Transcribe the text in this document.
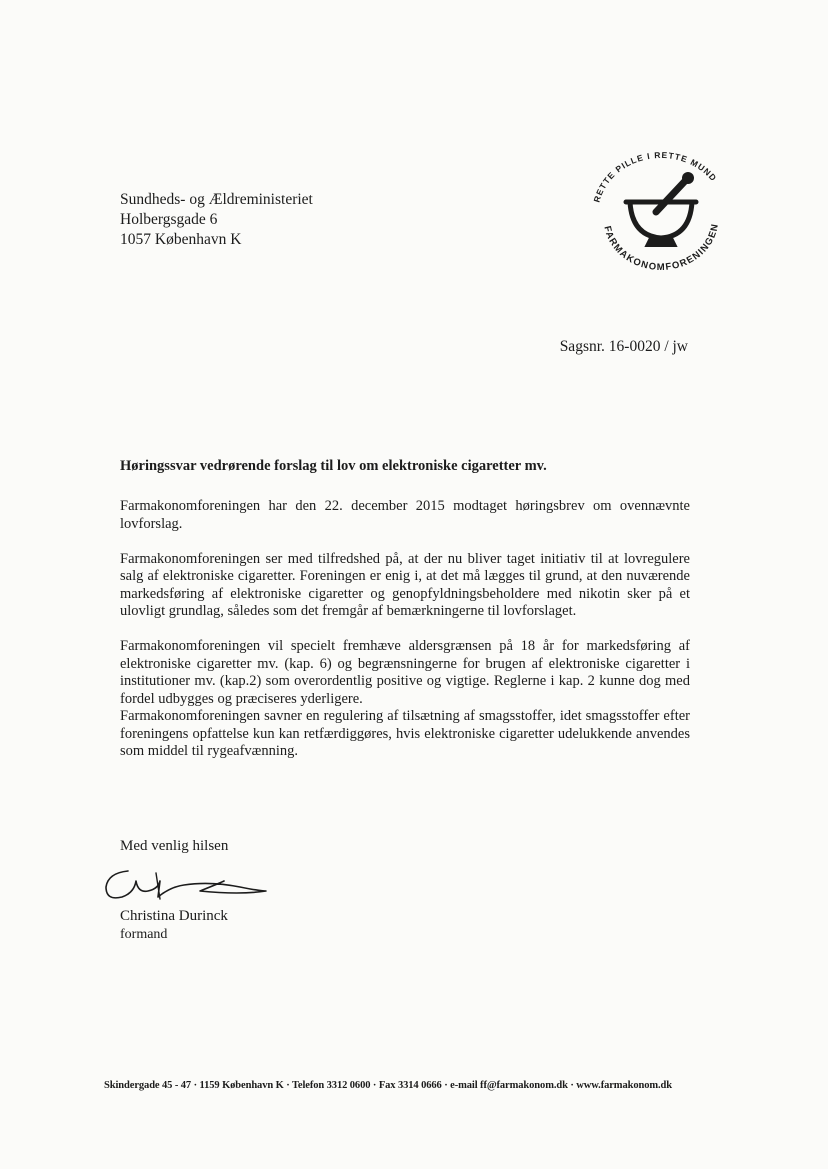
RETTE PILLE I RETTE MUND
FARMAKONOMFORENINGEN
Sundheds- og Ældreministeriet
Holbergsgade 6
1057 København K
Sagsnr. 16-0020 / jw
Høringssvar vedrørende forslag til lov om elektroniske cigaretter mv.

Farmakonomforeningen har den 22. december 2015 modtaget høringsbrev om ovennævnte lovforslag.

Farmakonomforeningen ser med tilfredshed på, at der nu bliver taget initiativ til at lovregulere salg af elektroniske cigaretter. Foreningen er enig i, at det må lægges til grund, at den nuværende markedsføring af elektroniske cigaretter og genopfyldningsbeholdere med nikotin sker på et ulovligt grundlag, således som det fremgår af bemærkningerne til lovforslaget.

Farmakonomforeningen vil specielt fremhæve aldersgrænsen på 18 år for markedsføring af elektroniske cigaretter mv. (kap. 6) og begrænsningerne for brugen af elektroniske cigaretter i institutioner mv. (kap.2) som overordentlig positive og vigtige. Reglerne i kap. 2 kunne dog med fordel udbygges og præciseres yderligere.

Farmakonomforeningen savner en regulering af tilsætning af smagsstoffer, idet smagsstoffer efter foreningens opfattelse kun kan retfærdiggøres, hvis elektroniske cigaretter udelukkende anvendes som middel til rygeafvænning.

Med venlig hilsen
Christina Durinck
formand
Skindergade 45 - 47 · 1159 København K · Telefon 3312 0600 · Fax 3314 0666 · e-mail ff@farmakonom.dk · www.farmakonom.dk
